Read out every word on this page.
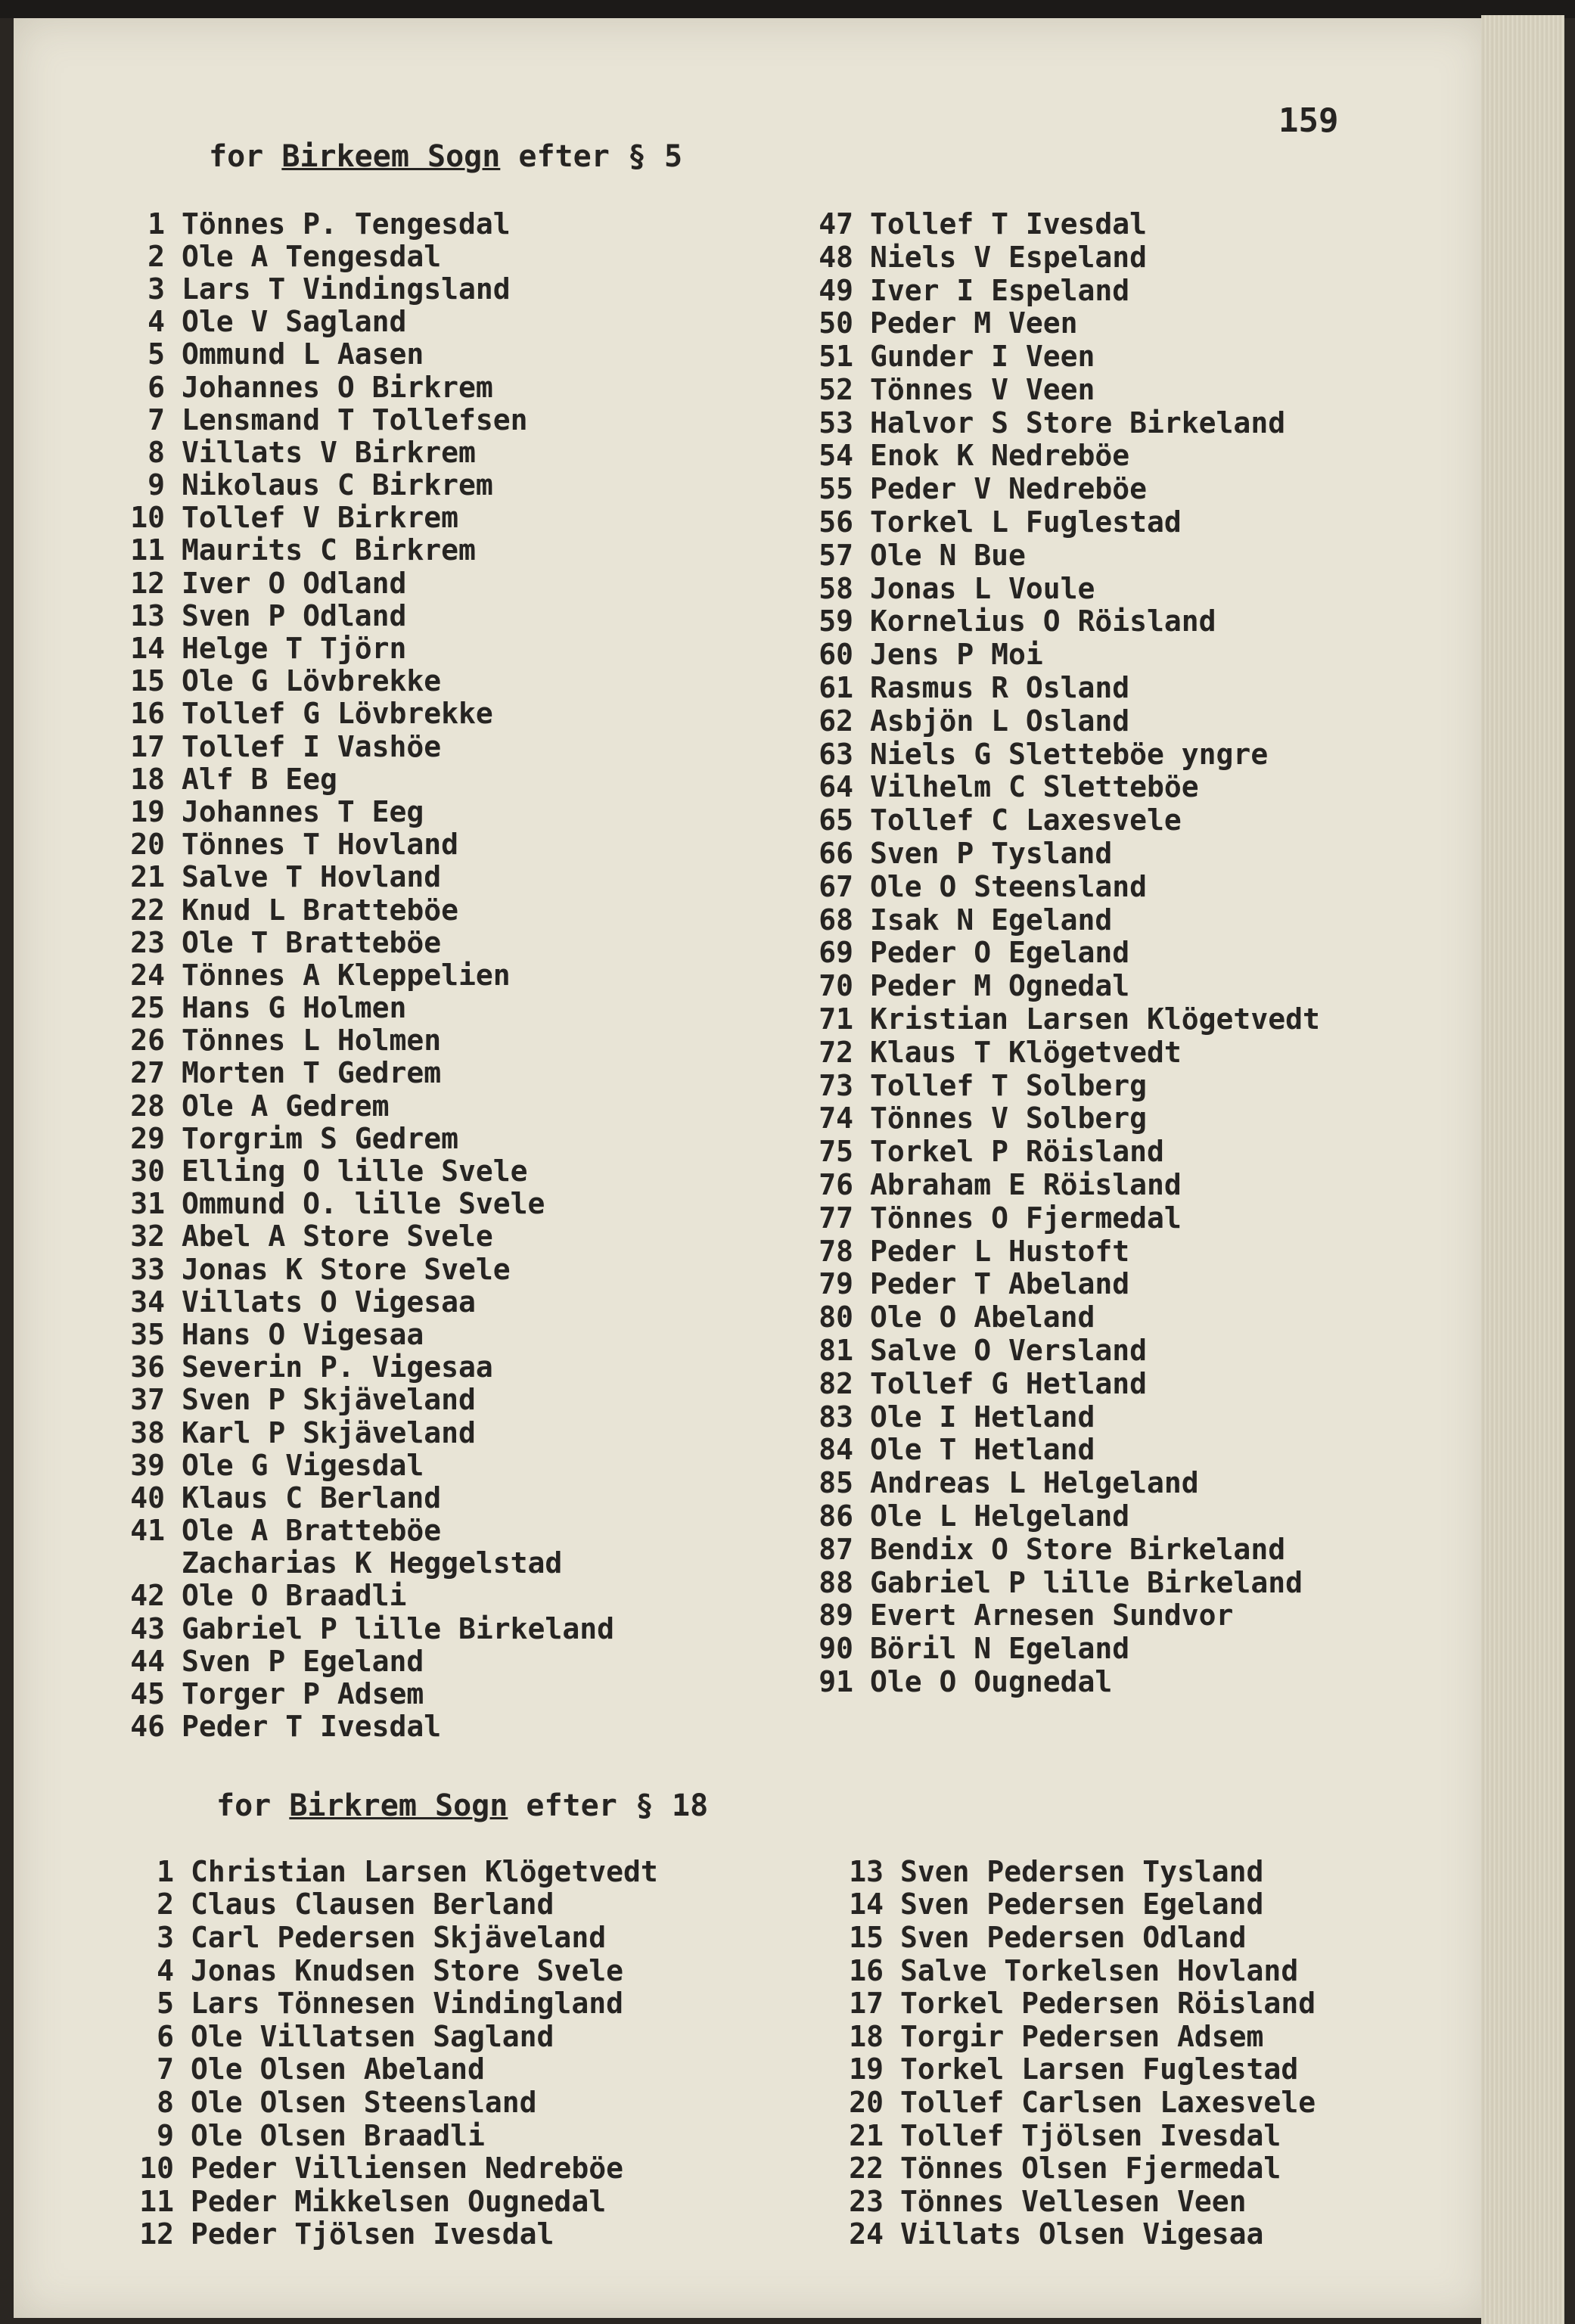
159
for Birkeem Sogn efter § 5
1 Tönnes P. Tengesdal
2 Ole A Tengesdal
3 Lars T Vindingsland
4 Ole V Sagland
5 Ommund L Aasen
6 Johannes O Birkrem
7 Lensmand T Tollefsen
8 Villats V Birkrem
9 Nikolaus C Birkrem
10 Tollef V Birkrem
11 Maurits C Birkrem
12 Iver O Odland
13 Sven P Odland
14 Helge T Tjörn
15 Ole G Lövbrekke
16 Tollef G Lövbrekke
17 Tollef I Vashöe
18 Alf B Eeg
19 Johannes T Eeg
20 Tönnes T Hovland
21 Salve T Hovland
22 Knud L Bratteböe
23 Ole T Bratteböe
24 Tönnes A Kleppelien
25 Hans G Holmen
26 Tönnes L Holmen
27 Morten T Gedrem
28 Ole A Gedrem
29 Torgrim S Gedrem
30 Elling O lille Svele
31 Ommund O. lille Svele
32 Abel A Store Svele
33 Jonas K Store Svele
34 Villats O Vigesaa
35 Hans O Vigesaa
36 Severin P. Vigesaa
37 Sven P Skjäveland
38 Karl P Skjäveland
39 Ole G Vigesdal
40 Klaus C Berland
41 Ole A Bratteböe
Zacharias K Heggelstad
42 Ole O Braadli
43 Gabriel P lille Birkeland
44 Sven P Egeland
45 Torger P Adsem
46 Peder T Ivesdal
47 Tollef T Ivesdal
48 Niels V Espeland
49 Iver I Espeland
50 Peder M Veen
51 Gunder I Veen
52 Tönnes V Veen
53 Halvor S Store Birkeland
54 Enok K Nedreböe
55 Peder V Nedreböe
56 Torkel L Fuglestad
57 Ole N Bue
58 Jonas L Voule
59 Kornelius O Röisland
60 Jens P Moi
61 Rasmus R Osland
62 Asbjön L Osland
63 Niels G Sletteböe yngre
64 Vilhelm C Sletteböe
65 Tollef C Laxesvele
66 Sven P Tysland
67 Ole O Steensland
68 Isak N Egeland
69 Peder O Egeland
70 Peder M Ognedal
71 Kristian Larsen Klögetvedt
72 Klaus T Klögetvedt
73 Tollef T Solberg
74 Tönnes V Solberg
75 Torkel P Röisland
76 Abraham E Röisland
77 Tönnes O Fjermedal
78 Peder L Hustoft
79 Peder T Abeland
80 Ole O Abeland
81 Salve O Versland
82 Tollef G Hetland
83 Ole I Hetland
84 Ole T Hetland
85 Andreas L Helgeland
86 Ole L Helgeland
87 Bendix O Store Birkeland
88 Gabriel P lille Birkeland
89 Evert Arnesen Sundvor
90 Böril N Egeland
91 Ole O Ougnedal
for Birkrem Sogn efter § 18
1 Christian Larsen Klögetvedt
2 Claus Clausen Berland
3 Carl Pedersen Skjäveland
4 Jonas Knudsen Store Svele
5 Lars Tönnesen Vindingland
6 Ole Villatsen Sagland
7 Ole Olsen Abeland
8 Ole Olsen Steensland
9 Ole Olsen Braadli
10 Peder Villiensen Nedreböe
11 Peder Mikkelsen Ougnedal
12 Peder Tjölsen Ivesdal
13 Sven Pedersen Tysland
14 Sven Pedersen Egeland
15 Sven Pedersen Odland
16 Salve Torkelsen Hovland
17 Torkel Pedersen Röisland
18 Torgir Pedersen Adsem
19 Torkel Larsen Fuglestad
20 Tollef Carlsen Laxesvele
21 Tollef Tjölsen Ivesdal
22 Tönnes Olsen Fjermedal
23 Tönnes Vellesen Veen
24 Villats Olsen Vigesaa
